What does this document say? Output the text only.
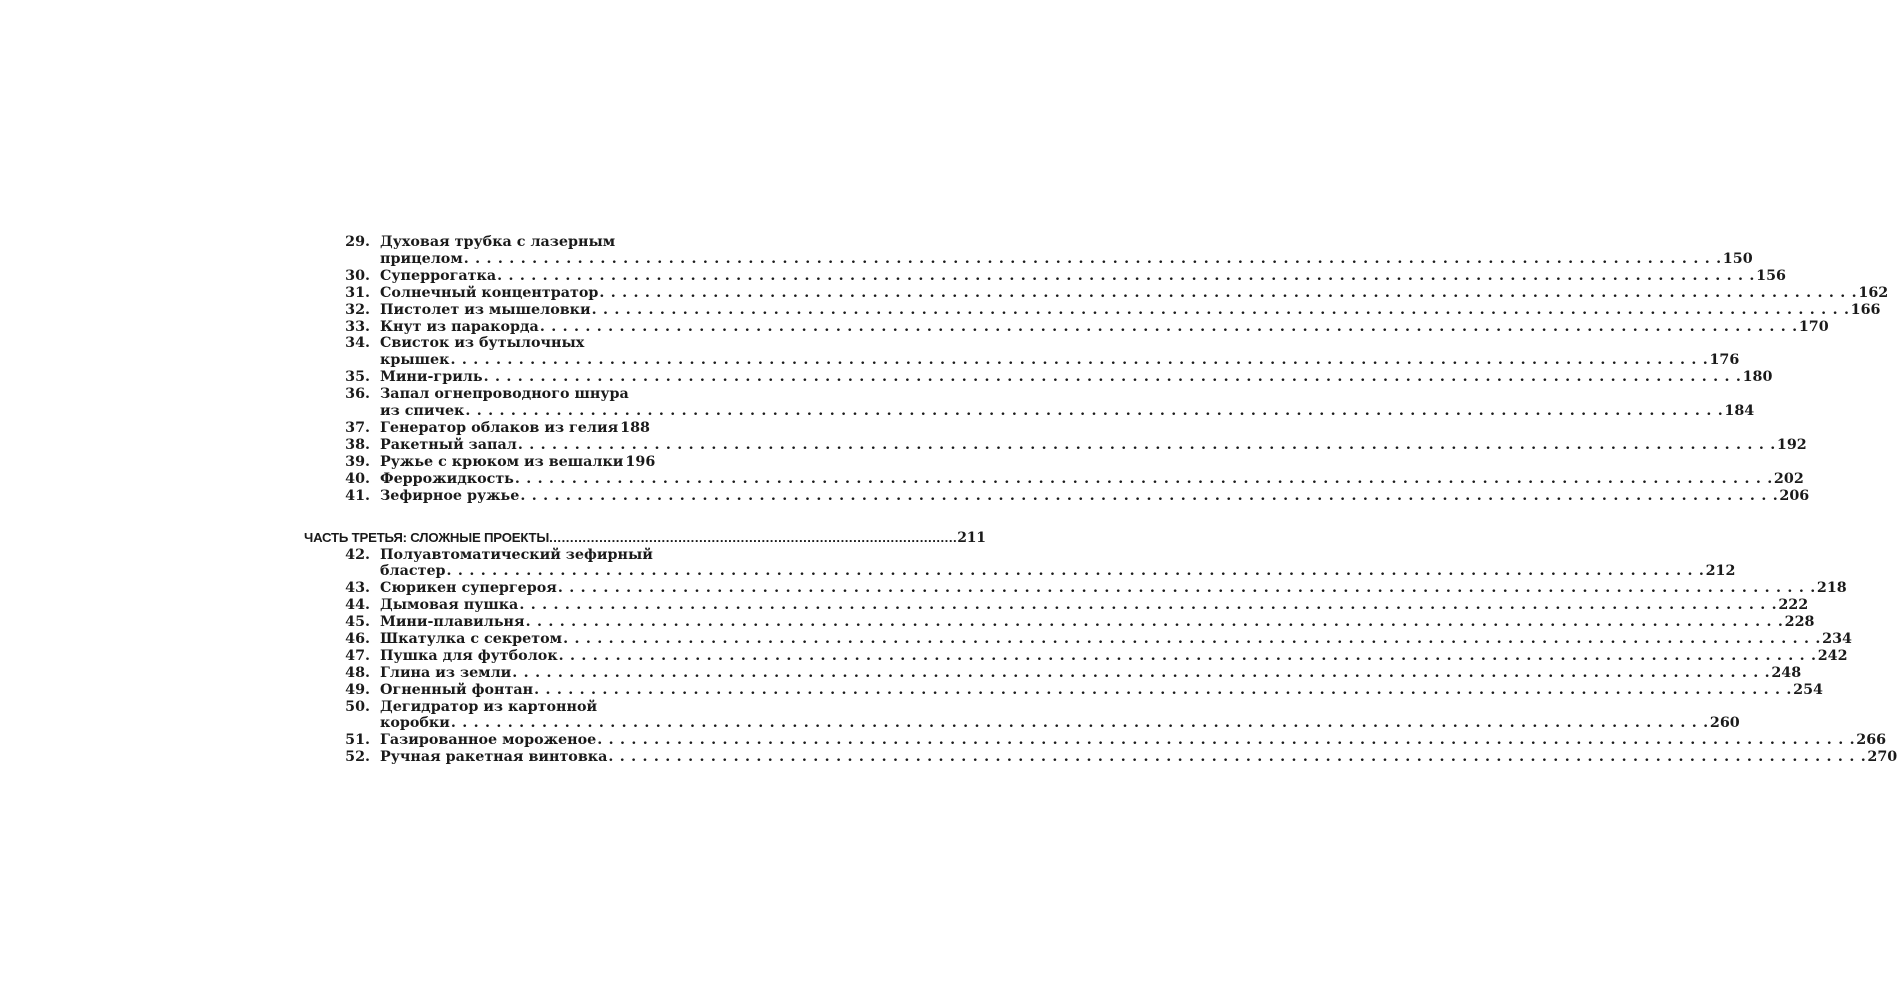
29. Духовая трубка с лазерным
прицелом . . .	150
30. Суперрогатка . . .	156
31. Солнечный концентратор . . .	162
32. Пистолет из мышеловки . . .	166
33. Кнут из паракорда . . .	170
34. Свисток из бутылочных
крышек . . .	176
35. Мини-гриль . . .	180
36. Запал огнепроводного шнура
из спичек . . .	184
37. Генератор облаков из гелия . . . 188
38. Ракетный запал . . .	192
39. Ружье с крюком из вешалки . . . 196
40. Феррожидкость . . .	202
41. Зефирное ружье . . .	206
ЧАСТЬ ТРЕТЬЯ: СЛОЖНЫЕ ПРОЕКТЫ .....	211
42. Полуавтоматический зефирный
бластер . . .	212
43. Сюрикен супергероя . . .	218
44. Дымовая пушка . . .	222
45. Мини-плавильня . . .	228
46. Шкатулка с секретом . . .	234
47. Пушка для футболок . . .	242
48. Глина из земли . . .	248
49. Огненный фонтан . . .	254
50. Дегидратор из картонной
коробки . . .	260
51. Газированное мороженое . . .	266
52. Ручная ракетная винтовка . . .	270
